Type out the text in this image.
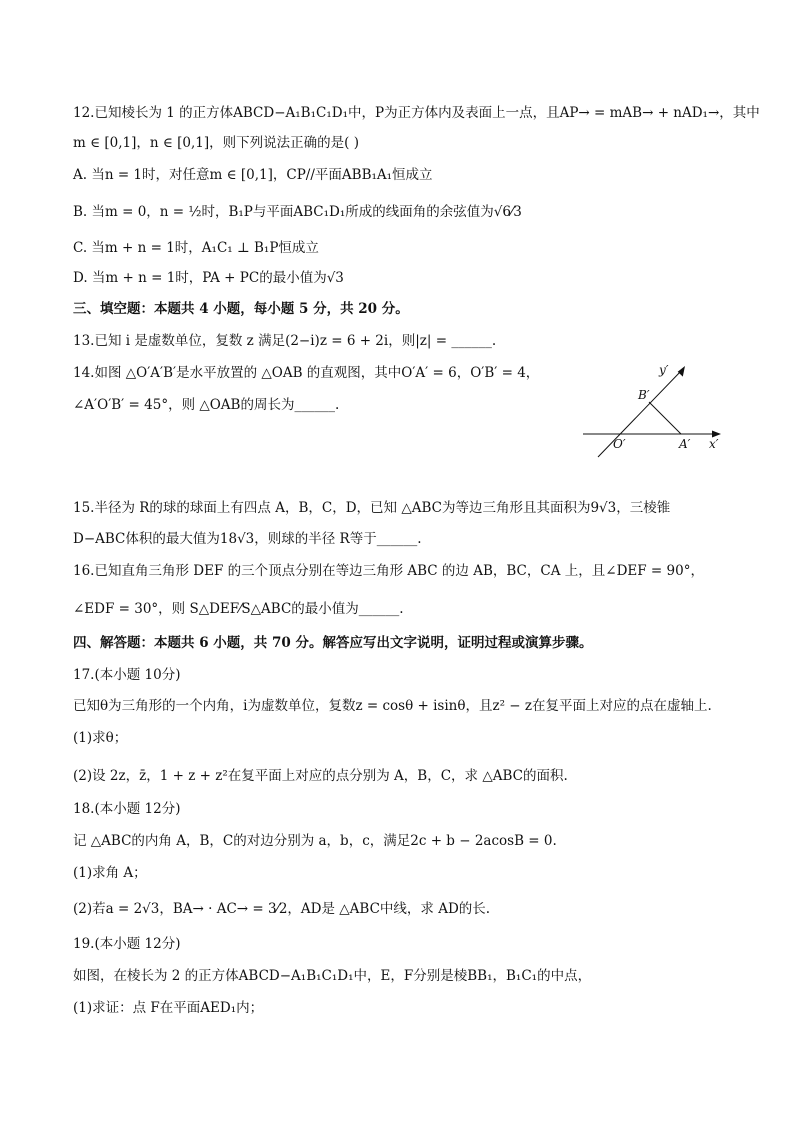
12.已知棱长为 1 的正方体ABCD−A₁B₁C₁D₁中，P为正方体内及表面上一点，且AP→ = mAB→ + nAD₁→，其中
m ∈ [0,1]，n ∈ [0,1]，则下列说法正确的是( )
A. 当n = 1时，对任意m ∈ [0,1]，CP//平面ABB₁A₁恒成立
B. 当m = 0，n = ½时，B₁P与平面ABC₁D₁所成的线面角的余弦值为√6⁄3
C. 当m + n = 1时，A₁C₁ ⊥ B₁P恒成立
D. 当m + n = 1时，PA + PC的最小值为√3
三、填空题：本题共 4 小题，每小题 5 分，共 20 分。
13.已知 i 是虚数单位，复数 z 满足(2−i)z = 6 + 2i，则|z| = ______.
14.如图 △O′A′B′是水平放置的 △OAB 的直观图，其中O′A′ = 6，O′B′ = 4，
∠A′O′B′ = 45°，则 △OAB的周长为______.
y′
B′
O′	A′ x′
15.半径为 R的球的球面上有四点 A，B，C，D，已知 △ABC为等边三角形且其面积为9√3，三棱锥
D−ABC体积的最大值为18√3，则球的半径 R等于______.
16.已知直角三角形 DEF 的三个顶点分别在等边三角形 ABC 的边 AB，BC，CA 上，且∠DEF = 90°，
∠EDF = 30°，则 S△DEF⁄S△ABC的最小值为______.
四、解答题：本题共 6 小题，共 70 分。解答应写出文字说明，证明过程或演算步骤。
17.(本小题 10分)
已知θ为三角形的一个内角，i为虚数单位，复数z = cosθ + isinθ，且z² − z在复平面上对应的点在虚轴上.
(1)求θ；
(2)设 2z，z̄，1 + z + z²在复平面上对应的点分别为 A，B，C，求 △ABC的面积.
18.(本小题 12分)
记 △ABC的内角 A，B，C的对边分别为 a，b，c，满足2c + b − 2acosB = 0.
(1)求角 A；
(2)若a = 2√3，BA→ · AC→ = 3⁄2，AD是 △ABC中线，求 AD的长.
19.(本小题 12分)
如图，在棱长为 2 的正方体ABCD−A₁B₁C₁D₁中，E，F分别是棱BB₁，B₁C₁的中点，
(1)求证：点 F在平面AED₁内；
